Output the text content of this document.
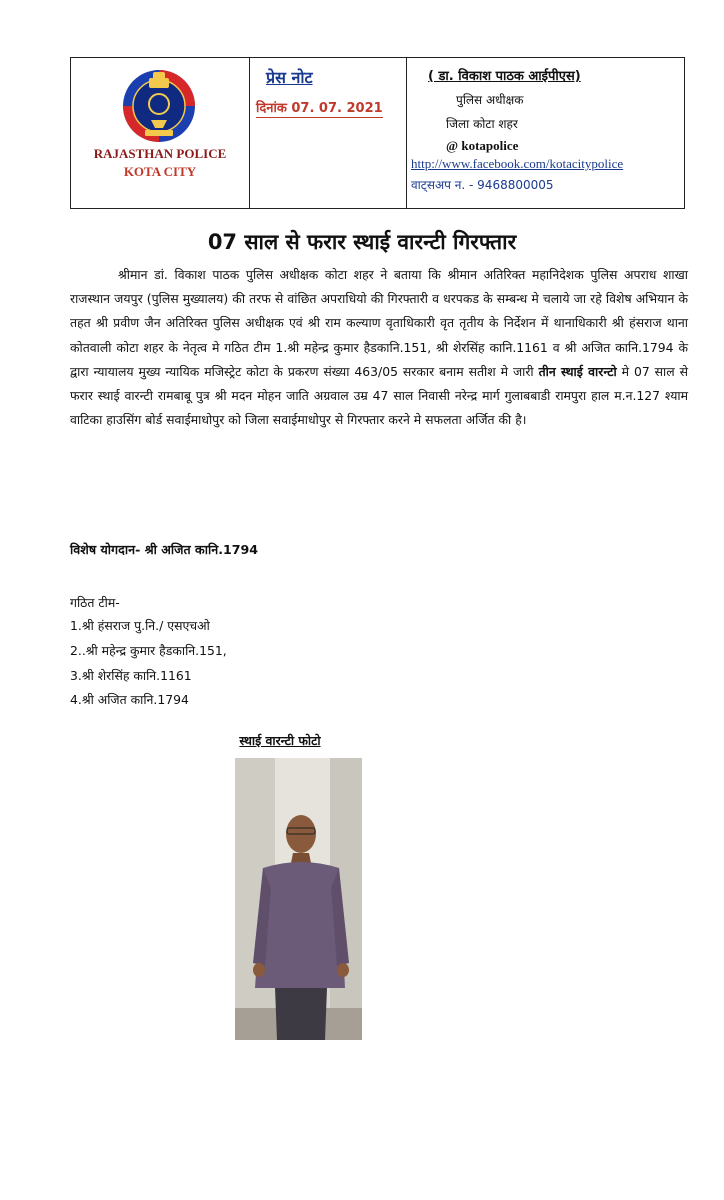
RAJASTHAN POLICE
KOTA CITY
प्रेस नोट
दिनांक 07. 07. 2021
( डा. विकाश पाठक आईपीएस)
पुलिस अधीक्षक
जिला कोटा शहर
@ kotapolice
http://www.facebook.com/kotacitypolice
वाट्सअप न. - 9468800005
07 साल से फरार स्थाई वारन्टी गिरफ्तार
श्रीमान डां. विकाश पाठक पुलिस अधीक्षक कोटा शहर ने बताया कि श्रीमान अतिरिक्त महानिदेशक पुलिस अपराध शाखा राजस्थान जयपुर (पुलिस मुख्यालय) की तरफ से वांछित अपराधियो की गिरफ्तारी व धरपकड के सम्बन्ध मे चलाये जा रहे विशेष अभियान के तहत श्री प्रवीण जैन अतिरिक्त पुलिस अधीक्षक एवं श्री राम कल्याण वृताधिकारी वृत तृतीय के निर्देशन में थानाधिकारी श्री हंसराज थाना कोतवाली कोटा शहर के नेतृत्व मे गठित टीम 1.श्री महेन्द्र कुमार हैडकानि.151, श्री शेरसिंह कानि.1161 व श्री अजित कानि.1794 के द्वारा न्यायालय मुख्य न्यायिक मजिस्ट्रेट कोटा के प्रकरण संख्या 463/05 सरकार बनाम सतीश मे जारी तीन स्थाई वारन्टो मे 07 साल से फरार स्थाई वारन्टी रामबाबू पुत्र श्री मदन मोहन जाति अग्रवाल उम्र 47 साल निवासी नरेन्द्र मार्ग गुलाबबाडी रामपुरा हाल म.न.127 श्याम वाटिका हाउसिंग बोर्ड सवाईमाधोपुर को जिला सवाईमाधोपुर से गिरफ्तार करने मे सफलता अर्जित की है।
विशेष योगदान- श्री अजित कानि.1794
गठित टीम-
1.श्री हंसराज पु.नि./ एसएचओ
2..श्री महेन्द्र कुमार हैडकानि.151,
3.श्री शेरसिंह कानि.1161
4.श्री अजित कानि.1794
स्थाई वारन्टी फोटो
